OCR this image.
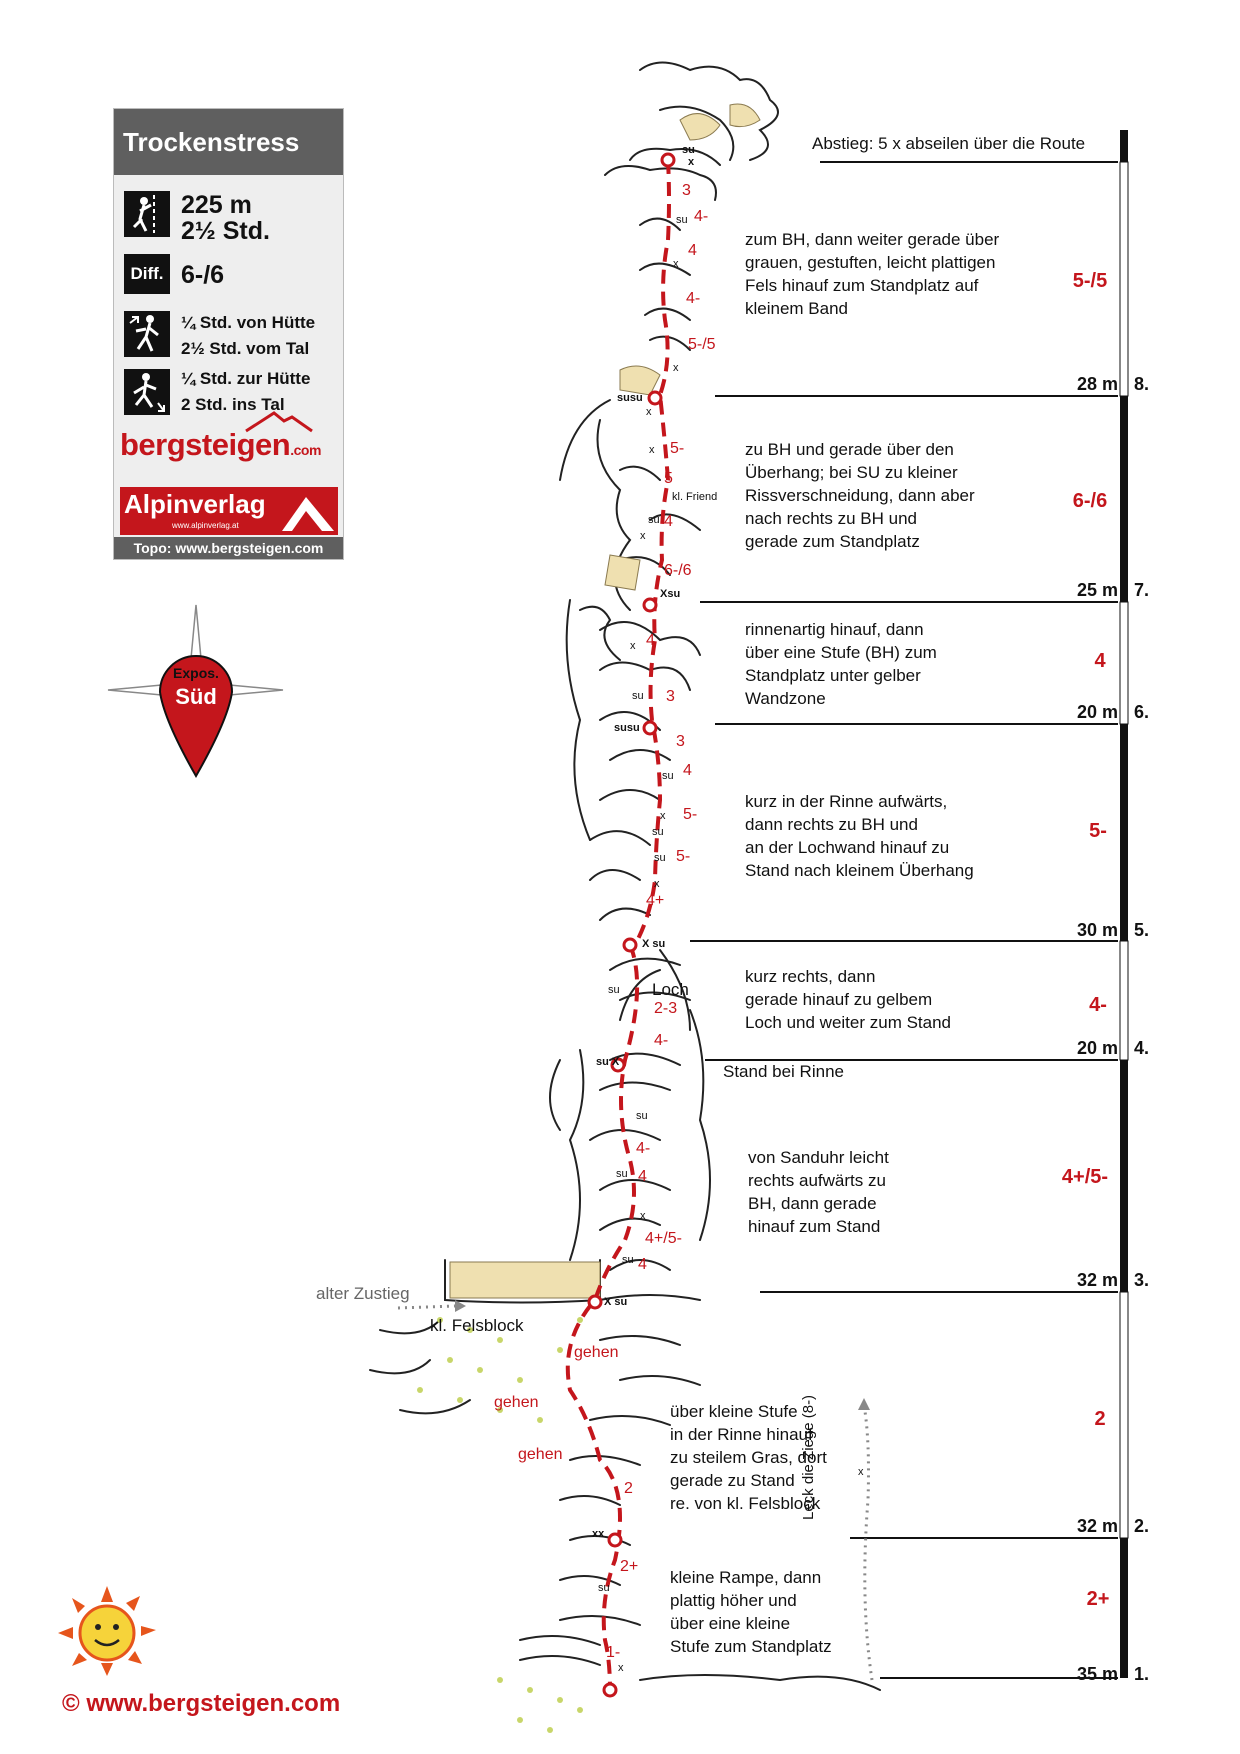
Trockenstress
225 m
2½ Std.
Diff. 6-/6
¼ Std. von Hütte
2½ Std. vom Tal
¼ Std. zur Hütte
2 Std. ins Tal
bergsteigen.com
Alpinverlag
www.alpinverlag.at
Topo: www.bergsteigen.com
Expos.
Süd
Abstieg: 5 x abseilen über die Route
zum BH, dann weiter gerade über
grauen, gestuften, leicht plattigen
Fels hinauf zum Standplatz auf
kleinem Band
5-/5
28 m 8.
zu BH und gerade über den
Überhang; bei SU zu kleiner
Rissverschneidung, dann aber
nach rechts zu BH und
gerade zum Standplatz
6-/6
25 m 7.
rinnenartig hinauf, dann
über eine Stufe (BH) zum
Standplatz unter gelber
Wandzone
4
20 m 6.
kurz in der Rinne aufwärts,
dann rechts zu BH und
an der Lochwand hinauf zu
Stand nach kleinem Überhang
5-
30 m 5.
kurz rechts, dann
gerade hinauf zu gelbem
Loch und weiter zum Stand
4-
20 m 4.
Stand bei Rinne
von Sanduhr leicht
rechts aufwärts zu
BH, dann gerade
hinauf zum Stand
4+/5-
32 m 3.
über kleine Stufe
in der Rinne hinauf
zu steilem Gras, dort
gerade zu Stand
re. von kl. Felsblock
2
32 m 2.
kleine Rampe, dann
plattig höher und
über eine kleine
Stufe zum Standplatz
2+
35 m 1.
3
4-
4
4-
5-/5
5-
5
4
6-/6
4
3
3
4
5-
5-
4+
2-3
4-
4-
4
4+/5-
4
2
2+
1-
gehen
gehen
gehen
su
x
su
x
x
susu
x
x
kl. Friend
su
x
Xsu
x
su
susu
su
x
su
su
x
X su
su Loch
su X
su
su
x
su
X su
xx
su
x
x
alter Zustieg
kl. Felsblock
Leck die Ziege (8-)
© www.bergsteigen.com
